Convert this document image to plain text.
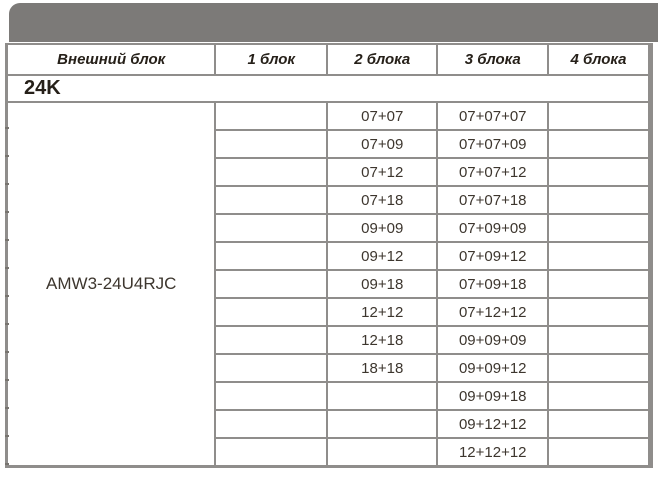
Внешний блок	1 блок	2 блока	3 блока	4 блока
24K				
AMW3-24U4RJC		07+07	07+07+07	
		07+09	07+07+09	
		07+12	07+07+12	
		07+18	07+07+18	
		09+09	07+09+09	
		09+12	07+09+12	
		09+18	07+09+18	
		12+12	07+12+12	
		12+18	09+09+09	
		18+18	09+09+12	
			09+09+18	
			09+12+12	
			12+12+12	
